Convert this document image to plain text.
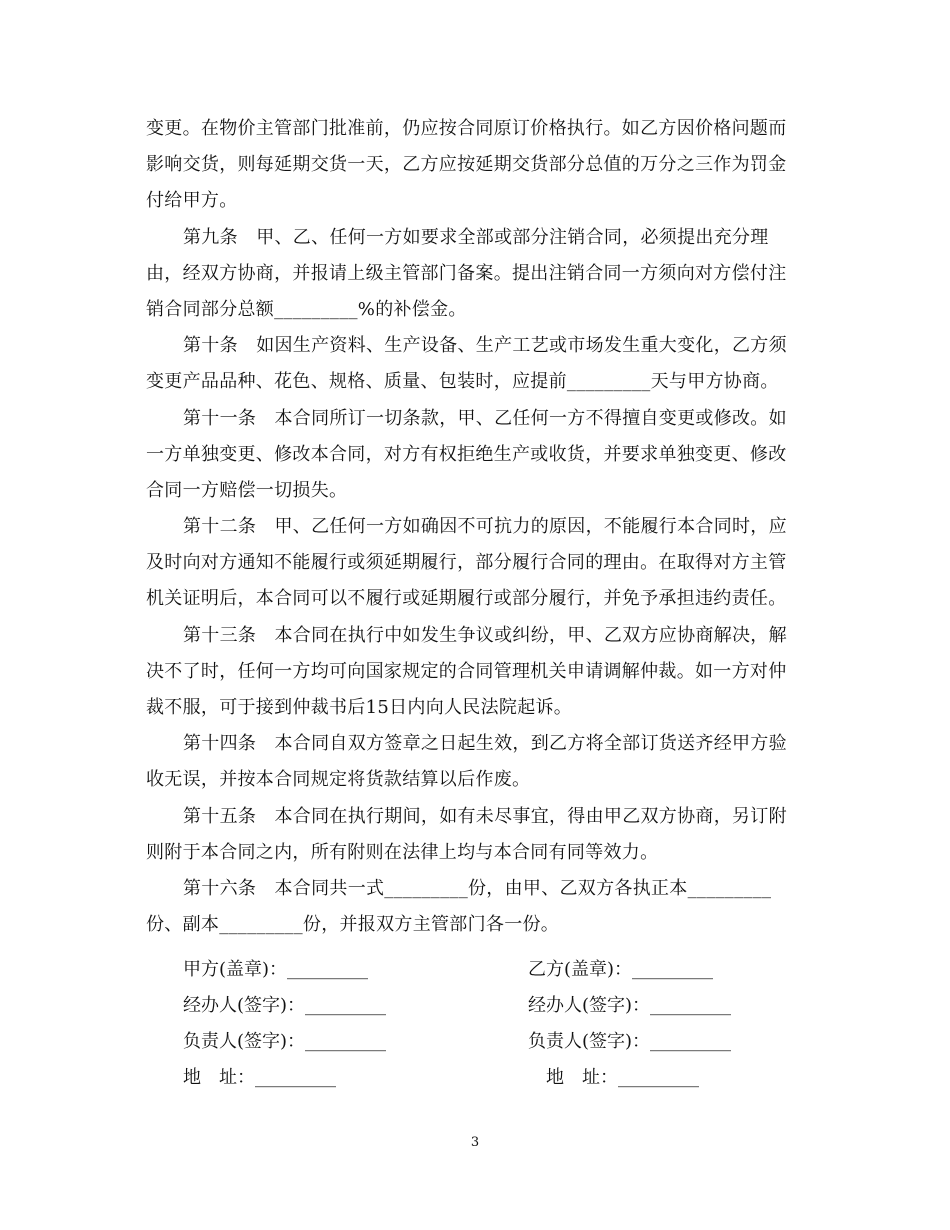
变更。在物价主管部门批准前，仍应按合同原订价格执行。如乙方因价格问题而
影响交货，则每延期交货一天，乙方应按延期交货部分总值的万分之三作为罚金
付给甲方。
第九条　甲、乙、任何一方如要求全部或部分注销合同，必须提出充分理
由，经双方协商，并报请上级主管部门备案。提出注销合同一方须向对方偿付注
销合同部分总额_________%的补偿金。
第十条　如因生产资料、生产设备、生产工艺或市场发生重大变化，乙方须
变更产品品种、花色、规格、质量、包装时，应提前_________天与甲方协商。
第十一条　本合同所订一切条款，甲、乙任何一方不得擅自变更或修改。如
一方单独变更、修改本合同，对方有权拒绝生产或收货，并要求单独变更、修改
合同一方赔偿一切损失。
第十二条　甲、乙任何一方如确因不可抗力的原因，不能履行本合同时，应
及时向对方通知不能履行或须延期履行，部分履行合同的理由。在取得对方主管
机关证明后，本合同可以不履行或延期履行或部分履行，并免予承担违约责任。
第十三条　本合同在执行中如发生争议或纠纷，甲、乙双方应协商解决，解
决不了时，任何一方均可向国家规定的合同管理机关申请调解仲裁。如一方对仲
裁不服，可于接到仲裁书后15日内向人民法院起诉。
第十四条　本合同自双方签章之日起生效，到乙方将全部订货送齐经甲方验
收无误，并按本合同规定将货款结算以后作废。
第十五条　本合同在执行期间，如有未尽事宜，得由甲乙双方协商，另订附
则附于本合同之内，所有附则在法律上均与本合同有同等效力。
第十六条　本合同共一式_________份，由甲、乙双方各执正本_________
份、副本_________份，并报双方主管部门各一份。
甲方(盖章)：_________	乙方(盖章)：_________
经办人(签字)：_________	经办人(签字)：_________
负责人(签字)：_________	负责人(签字)：_________
地　址：_________	地　址：_________
3
